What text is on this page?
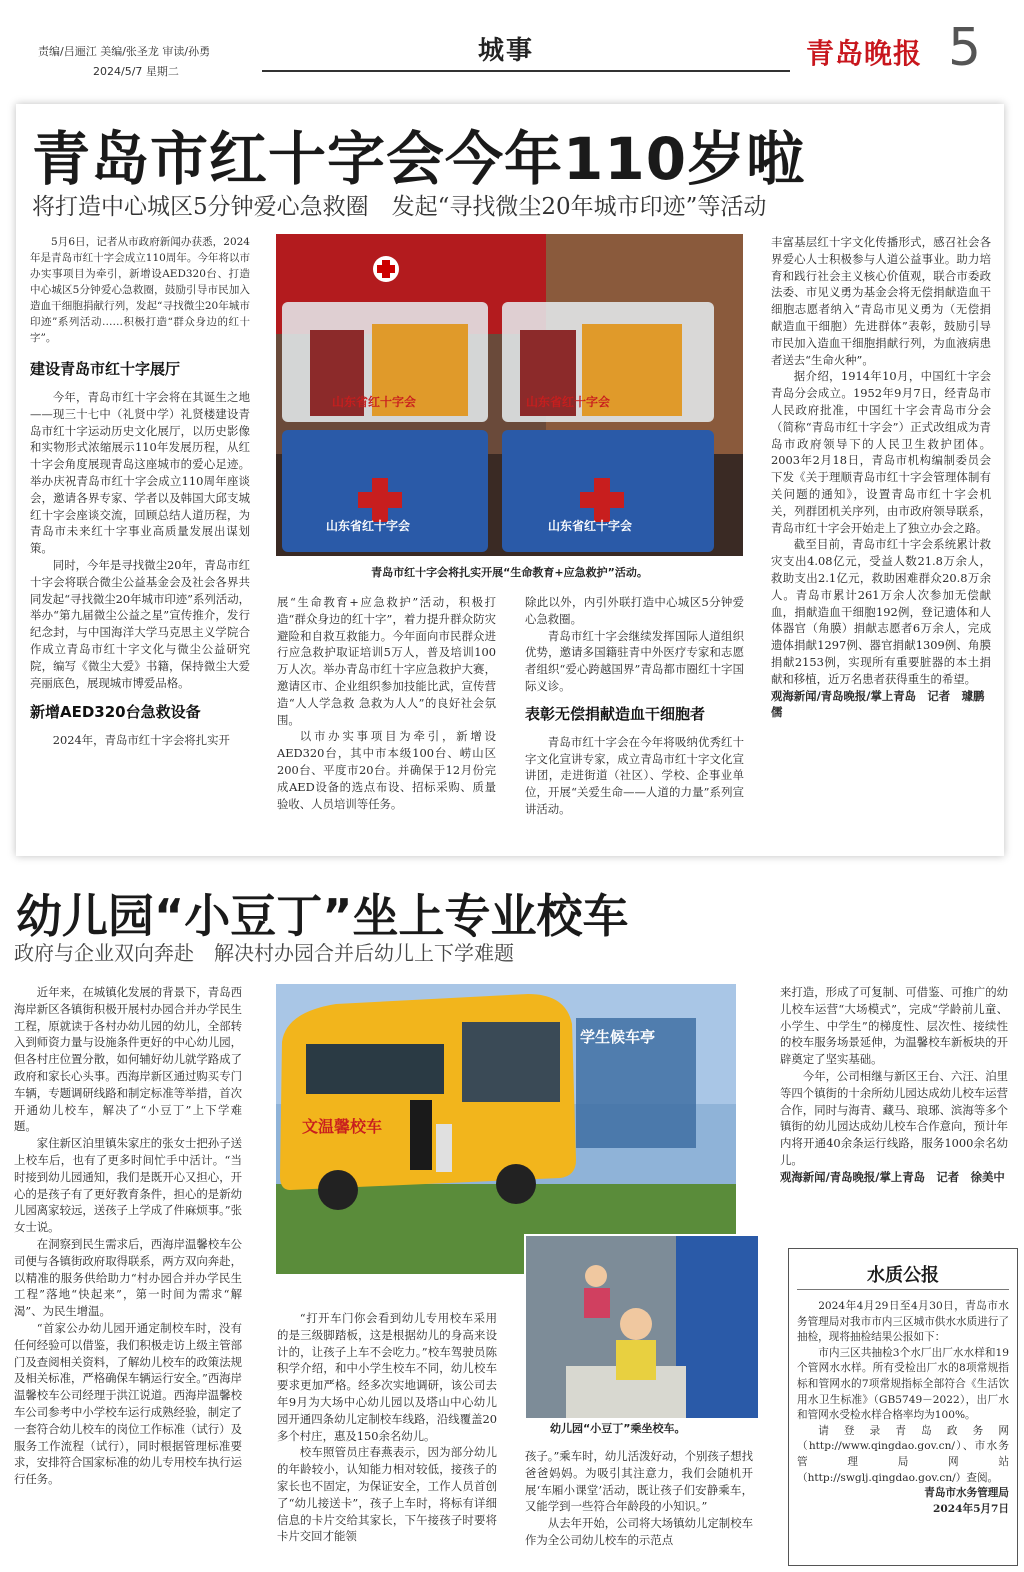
责编/吕逦江 美编/张圣龙 审读/孙勇
2024/5/7 星期二
城事	青岛晚报 5
青岛市红十字会今年110岁啦
将打造中心城区5分钟爱心急救圈　发起“寻找微尘20年城市印迹”等活动

5月6日，记者从市政府新闻办获悉，2024年是青岛市红十字会成立110周年。今年将以市办实事项目为牵引，新增设AED320台、打造中心城区5分钟爱心急救圈，鼓励引导市民加入造血干细胞捐献行列，发起“寻找微尘20年城市印迹”系列活动……积极打造“群众身边的红十字”。

建设青岛市红十字展厅

今年，青岛市红十字会将在其诞生之地——现三十七中（礼贤中学）礼贤楼建设青岛市红十字运动历史文化展厅，以历史影像和实物形式浓缩展示110年发展历程，从红十字会角度展现青岛这座城市的爱心足迹。举办庆祝青岛市红十字会成立110周年座谈会，邀请各界专家、学者以及韩国大邱支城红十字会座谈交流，回顾总结人道历程，为青岛市未来红十字事业高质量发展出谋划策。

同时，今年是寻找微尘20年，青岛市红十字会将联合微尘公益基金会及社会各界共同发起“寻找微尘20年城市印迹”系列活动，举办“第九届微尘公益之星”宣传推介，发行纪念封，与中国海洋大学马克思主义学院合作成立青岛市红十字文化与微尘公益研究院，编写《微尘大爱》书籍，保持微尘大爱亮丽底色，展现城市博爱品格。

新增AED320台急救设备

2024年，青岛市红十字会将扎实开

山东省红十字会	山东省红十字会
山东省红十字会	山东省红十字会
青岛市红十字会将扎实开展“生命教育+应急救护”活动。

展“生命教育+应急救护”活动，积极打造“群众身边的红十字”，着力提升群众防灾避险和自救互救能力。今年面向市民群众进行应急救护取证培训5万人，普及培训100万人次。举办青岛市红十字应急救护大赛，邀请区市、企业组织参加技能比武，宣传营造“人人学急救 急救为人人”的良好社会氛围。

以市办实事项目为牵引，新增设AED320台，其中市本级100台、崂山区200台、平度市20台。并确保于12月份完成AED设备的选点布设、招标采购、质量验收、人员培训等任务。

除此以外，内引外联打造中心城区5分钟爱心急救圈。

青岛市红十字会继续发挥国际人道组织优势，邀请多国籍驻青中外医疗专家和志愿者组织“爱心跨越国界”青岛都市圈红十字国际义诊。

表彰无偿捐献造血干细胞者

青岛市红十字会在今年将吸纳优秀红十字文化宣讲专家，成立青岛市红十字文化宣讲团，走进街道（社区）、学校、企事业单位，开展“关爱生命——人道的力量”系列宣讲活动。

丰富基层红十字文化传播形式，感召社会各界爱心人士积极参与人道公益事业。助力培育和践行社会主义核心价值观，联合市委政法委、市见义勇为基金会将无偿捐献造血干细胞志愿者纳入“青岛市见义勇为（无偿捐献造血干细胞）先进群体”表彰，鼓励引导市民加入造血干细胞捐献行列，为血液病患者送去“生命火种”。

据介绍，1914年10月，中国红十字会青岛分会成立。1952年9月7日，经青岛市人民政府批准，中国红十字会青岛市分会（简称“青岛市红十字会”）正式改组成为青岛市政府领导下的人民卫生救护团体。2003年2月18日，青岛市机构编制委员会下发《关于理顺青岛市红十字会管理体制有关问题的通知》，设置青岛市红十字会机关，列群团机关序列，由市政府领导联系，青岛市红十字会开始走上了独立办会之路。

截至目前，青岛市红十字会系统累计救灾支出4.08亿元，受益人数21.8万余人，救助支出2.1亿元，救助困难群众20.8万余人。青岛市累计261万余人次参加无偿献血，捐献造血干细胞192例，登记遗体和人体器官（角膜）捐献志愿者6万余人，完成遗体捐献1297例、器官捐献1309例、角膜捐献2153例，实现所有重要脏器的本土捐献和移植，近万名患者获得重生的希望。

观海新闻/青岛晚报/掌上青岛　记者　璩鹏儒

幼儿园“小豆丁”坐上专业校车
政府与企业双向奔赴　解决村办园合并后幼儿上下学难题

近年来，在城镇化发展的背景下，青岛西海岸新区各镇街积极开展村办园合并办学民生工程，原就读于各村办幼儿园的幼儿，全部转入到师资力量与设施条件更好的中心幼儿园，但各村庄位置分散，如何辅好幼儿就学路成了政府和家长心头事。西海岸新区通过购买专门车辆，专题调研线路和制定标准等举措，首次开通幼儿校车，解决了“小豆丁”上下学难题。

家住新区泊里镇朱家庄的张女士把孙子送上校车后，也有了更多时间忙手中活计。“当时接到幼儿园通知，我们是既开心又担心，开心的是孩子有了更好教育条件，担心的是新幼儿园离家较远，送孩子上学成了件麻烦事。”张女士说。

在洞察到民生需求后，西海岸温馨校车公司便与各镇街政府取得联系，两方双向奔赴，以精准的服务供给助力“村办园合并办学民生工程”落地“快起来”，第一时间为需求“解渴”、为民生增温。

“首家公办幼儿园开通定制校车时，没有任何经验可以借鉴，我们积极走访上级主管部门及查阅相关资料，了解幼儿校车的政策法规及相关标准，严格确保车辆运行安全。”西海岸温馨校车公司经理于洪江说道。西海岸温馨校车公司参考中小学校车运行成熟经验，制定了一套符合幼儿校车的岗位工作标准（试行）及服务工作流程（试行），同时根据管理标准要求，安排符合国家标准的幼儿专用校车执行运行任务。

学生候车亭
文温馨校车
幼儿园“小豆丁”乘坐校车。

“打开车门你会看到幼儿专用校车采用的是三级脚踏板，这是根据幼儿的身高来设计的，让孩子上车不会吃力。”校车驾驶员陈积学介绍，和中小学生校车不同，幼儿校车要求更加严格。经多次实地调研，该公司去年9月为大场中心幼儿园以及塔山中心幼儿园开通四条幼儿定制校车线路，沿线覆盖20多个村庄，惠及150余名幼儿。

校车照管员庄春燕表示，因为部分幼儿的年龄较小，认知能力相对较低，接孩子的家长也不固定，为保证安全，工作人员首创了“幼儿接送卡”，孩子上车时，将标有详细信息的卡片交给其家长，下午接孩子时要将卡片交回才能领

孩子。”乘车时，幼儿活泼好动，个别孩子想找爸爸妈妈。为吸引其注意力，我们会随机开展‘车厢小课堂’活动，既让孩子们安静乘车，又能学到一些符合年龄段的小知识。”

从去年开始，公司将大场镇幼儿定制校车作为全公司幼儿校车的示范点

来打造，形成了可复制、可借鉴、可推广的幼儿校车运营“大场模式”，完成“学龄前儿童、小学生、中学生”的梯度性、层次性、接续性的校车服务场景延伸，为温馨校车新板块的开辟奠定了坚实基础。

今年，公司相继与新区王台、六汪、泊里等四个镇街的十余所幼儿园达成幼儿校车运营合作，同时与海青、藏马、琅琊、滨海等多个镇街的幼儿园达成幼儿校车合作意向，预计年内将开通40余条运行线路，服务1000余名幼儿。

观海新闻/青岛晚报/掌上青岛　记者　徐美中

水质公报

2024年4月29日至4月30日，青岛市水务管理局对我市市内三区城市供水水质进行了抽检，现将抽检结果公报如下：

市内三区共抽检3个水厂出厂水水样和19个管网水水样。所有受检出厂水的8项常规指标和管网水的7项常规指标全部符合《生活饮用水卫生标准》（GB5749－2022），出厂水和管网水受检水样合格率均为100%。

请登录青岛政务网（http://www.qingdao.gov.cn/）、市水务管理局网站（http://swglj.qingdao.gov.cn/）查阅。

青岛市水务管理局

2024年5月7日
